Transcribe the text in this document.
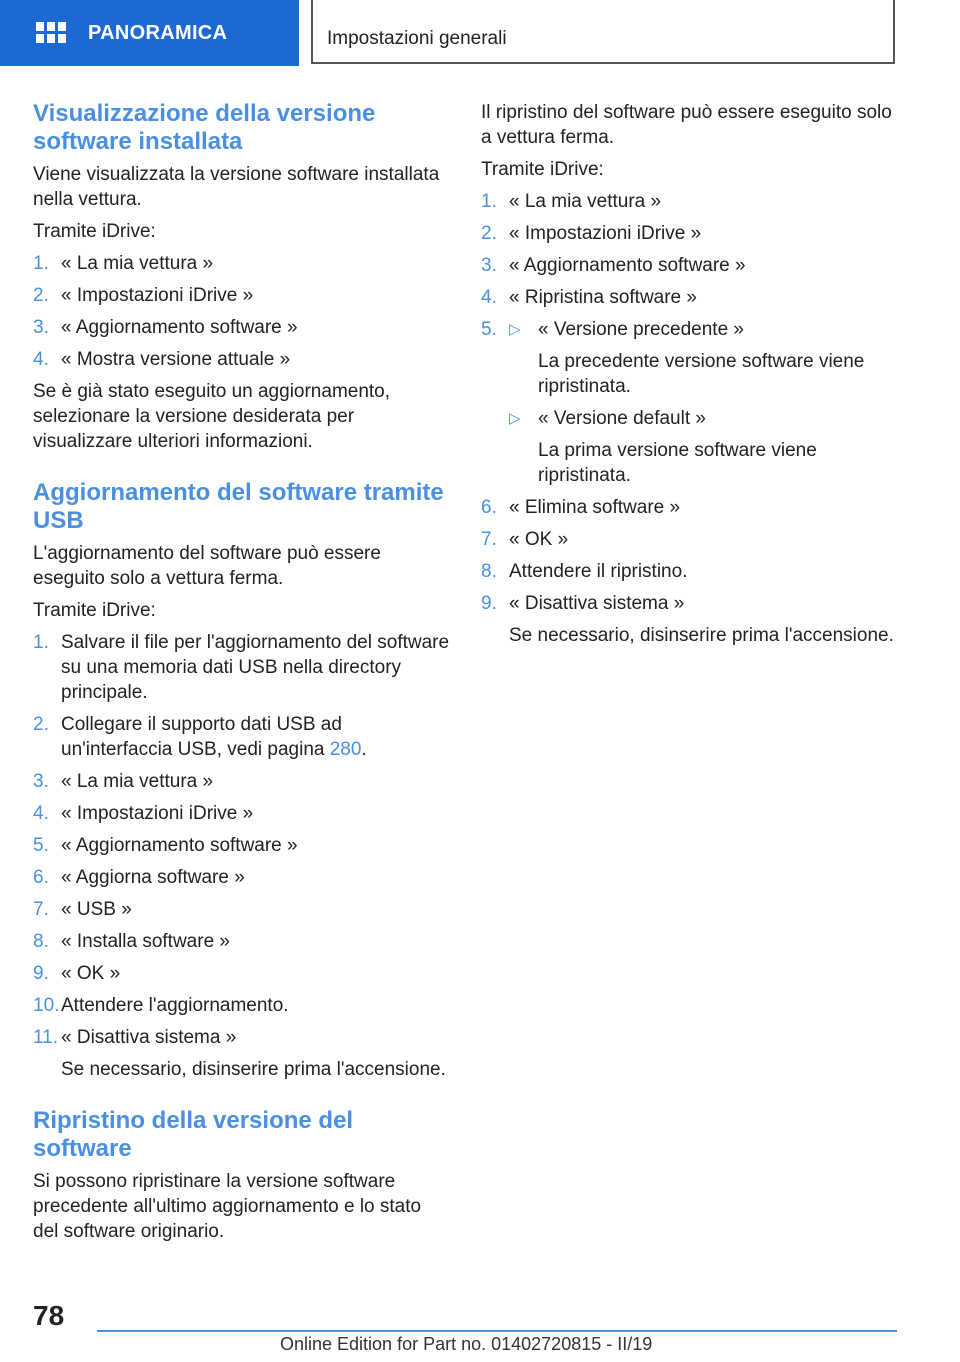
PANORAMICA	Impostazioni generali
Visualizzazione della versione software installata

Viene visualizzata la versione software installata nella vettura.

Tramite iDrive:

1. « La mia vettura »
2. « Impostazioni iDrive »
3. « Aggiornamento software »
4. « Mostra versione attuale »

Se è già stato eseguito un aggiornamento, selezionare la versione desiderata per visualizzare ulteriori informazioni.

Aggiornamento del software tramite USB

L'aggiornamento del software può essere eseguito solo a vettura ferma.

Tramite iDrive:

1. Salvare il file per l'aggiornamento del software su una memoria dati USB nella directory principale.
2. Collegare il supporto dati USB ad un'interfaccia USB, vedi pagina 280.
3. « La mia vettura »
4. « Impostazioni iDrive »
5. « Aggiornamento software »
6. « Aggiorna software »
7. « USB »
8. « Installa software »
9. « OK »
10. Attendere l'aggiornamento.
11. « Disattiva sistema »
Se necessario, disinserire prima l'accensione.
Ripristino della versione del software

Si possono ripristinare la versione software precedente all'ultimo aggiornamento e lo stato del software originario.

Il ripristino del software può essere eseguito solo a vettura ferma.

Tramite iDrive:

1. « La mia vettura »
2. « Impostazioni iDrive »
3. « Aggiornamento software »
4. « Ripristina software »
5. ▷ « Versione precedente »
La precedente versione software viene ripristinata.
▷ « Versione default »
La prima versione software viene ripristinata.
6. « Elimina software »
7. « OK »
8. Attendere il ripristino.
9. « Disattiva sistema »
Se necessario, disinserire prima l'accensione.
78
Online Edition for Part no. 01402720815 - II/19
